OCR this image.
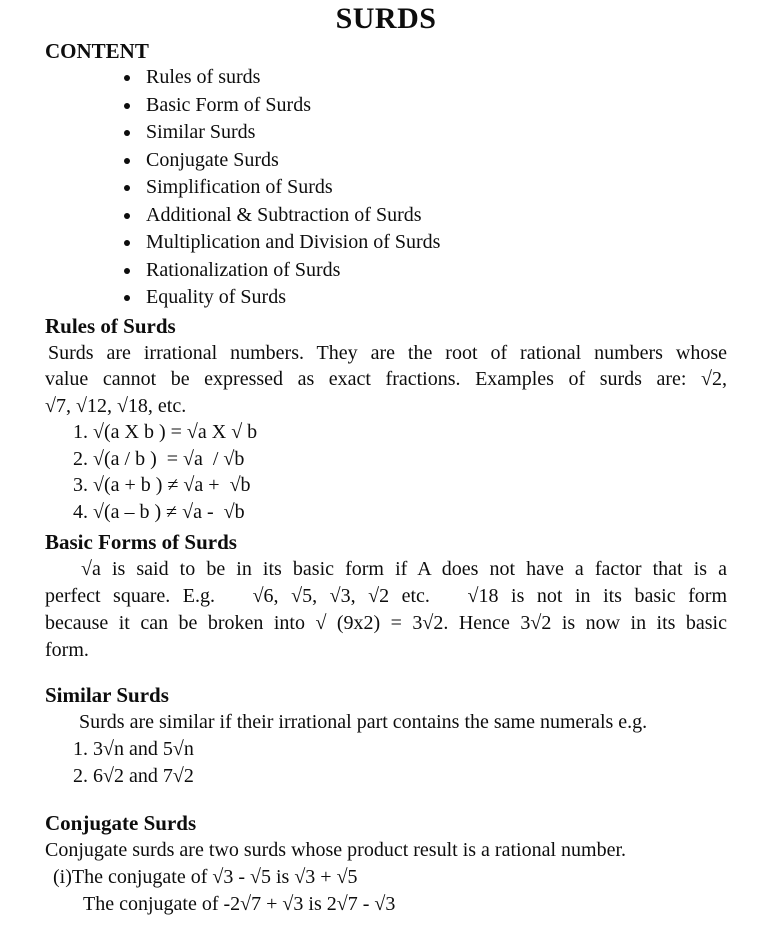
SURDS
CONTENT
• Rules of surds
• Basic Form of Surds
• Similar Surds
• Conjugate Surds
• Simplification of Surds
• Additional & Subtraction of Surds
• Multiplication and Division of Surds
• Rationalization of Surds
• Equality of Surds
Rules of Surds
Surds are irrational numbers. They are the root of rational numbers whose
value cannot be expressed as exact fractions. Examples of surds are: √2,
√7, √12, √18, etc.
1. √(a X b ) = √a X √ b
2. √(a / b )  = √a  / √b
3. √(a + b ) ≠ √a +  √b
4. √(a – b ) ≠ √a -  √b
Basic Forms of Surds
√a is said to be in its basic form if A does not have a factor that is a
perfect square. E.g.   √6, √5, √3, √2 etc.   √18 is not in its basic form
because it can be broken into √ (9x2) = 3√2. Hence 3√2 is now in its basic
form.
Similar Surds
Surds are similar if their irrational part contains the same numerals e.g.
1. 3√n and 5√n
2. 6√2 and 7√2
Conjugate Surds
Conjugate surds are two surds whose product result is a rational number.
(i)The conjugate of √3 - √5 is √3 + √5
The conjugate of -2√7 + √3 is 2√7 - √3
